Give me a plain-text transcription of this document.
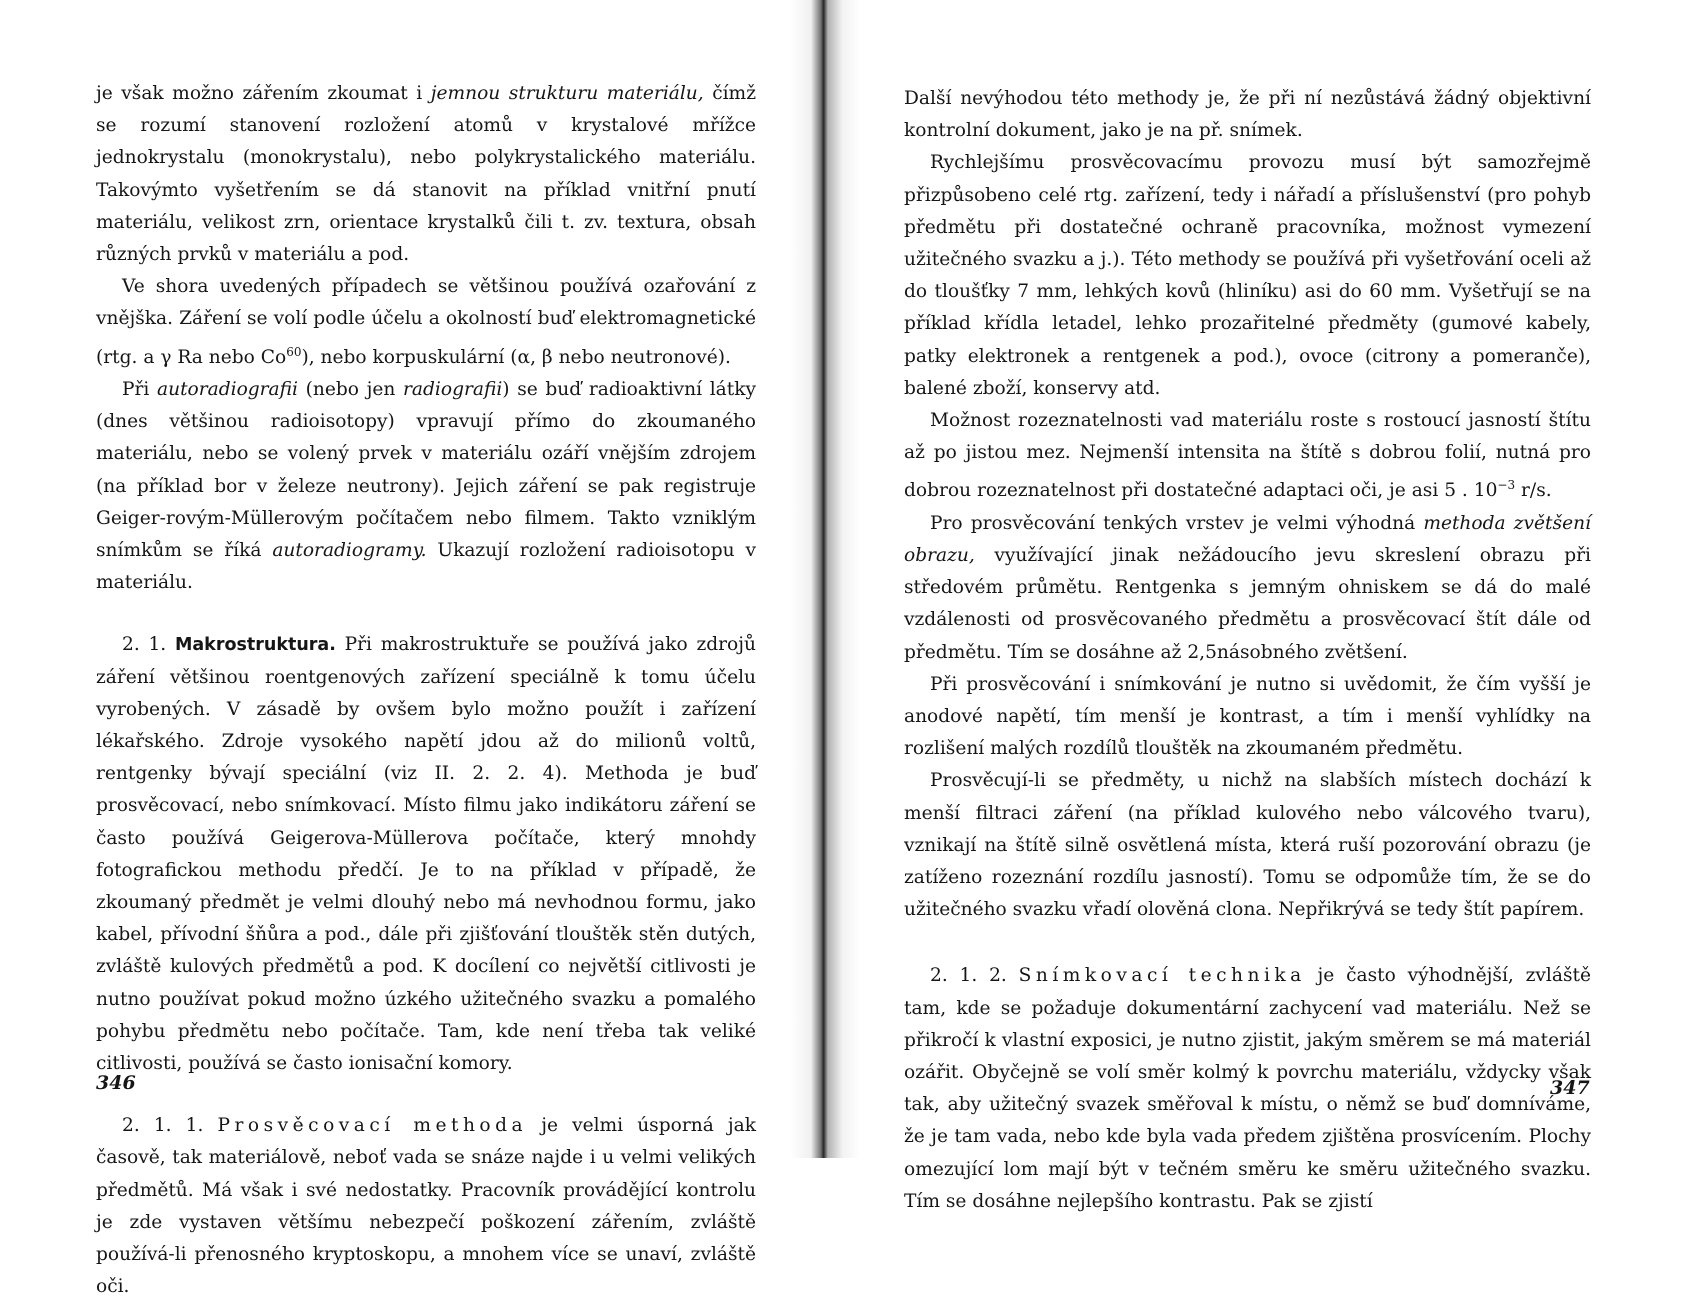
je však možno zářením zkoumat i jemnou strukturu materiálu, čímž se rozumí stanovení rozložení atomů v krystalové mřížce jednokrystalu (monokrystalu), nebo polykrystalického materiálu. Takovýmto vyšetřením se dá stanovit na příklad vnitřní pnutí materiálu, velikost zrn, orientace krystalků čili t. zv. textura, obsah různých prvků v materiálu a pod.

Ve shora uvedených případech se většinou používá ozařování z vnějška. Záření se volí podle účelu a okolností buď elektromagnetické (rtg. a γ Ra nebo Co$^{60}$), nebo korpuskulární (α, β nebo neutronové).

Při autoradiografii (nebo jen radiografii) se buď radioaktivní látky (dnes většinou radioisotopy) vpravují přímo do zkoumaného materiálu, nebo se volený prvek v materiálu ozáří vnějším zdrojem (na příklad bor v železe neutrony). Jejich záření se pak registruje Geiger-rovým-Müllerovým počítačem nebo filmem. Takto vzniklým snímkům se říká autoradiogramy. Ukazují rozložení radioisotopu v materiálu.

2. 1. Makrostruktura. Při makrostruktuře se používá jako zdrojů záření většinou roentgenových zařízení speciálně k tomu účelu vyrobených. V zásadě by ovšem bylo možno použít i zařízení lékařského. Zdroje vysokého napětí jdou až do milionů voltů, rentgenky bývají speciální (viz II. 2. 2. 4). Methoda je buď prosvěcovací, nebo snímkovací. Místo filmu jako indikátoru záření se často používá Geigerova-Müllerova počítače, který mnohdy fotografickou methodu předčí. Je to na příklad v případě, že zkoumaný předmět je velmi dlouhý nebo má nevhodnou formu, jako kabel, přívodní šňůra a pod., dále při zjišťování tlouštěk stěn dutých, zvláště kulových předmětů a pod. K docílení co největší citlivosti je nutno používat pokud možno úzkého užitečného svazku a pomalého pohybu předmětu nebo počítače. Tam, kde není třeba tak veliké citlivosti, používá se často ionisační komory.

2. 1. 1. Prosvěcovací methoda je velmi úsporná jak časově, tak materiálově, neboť vada se snáze najde i u velmi velikých předmětů. Má však i své nedostatky. Pracovník provádějící kontrolu je zde vystaven většímu nebezpečí poškození zářením, zvláště používá-li přenosného kryptoskopu, a mnohem více se unaví, zvláště oči.

346

Další nevýhodou této methody je, že při ní nezůstává žádný objektivní kontrolní dokument, jako je na př. snímek.

Rychlejšímu prosvěcovacímu provozu musí být samozřejmě přizpůsobeno celé rtg. zařízení, tedy i nářadí a příslušenství (pro pohyb předmětu při dostatečné ochraně pracovníka, možnost vymezení užitečného svazku a j.). Této methody se používá při vyšetřování oceli až do tloušťky 7 mm, lehkých kovů (hliníku) asi do 60 mm. Vyšetřují se na příklad křídla letadel, lehko prozařitelné předměty (gumové kabely, patky elektronek a rentgenek a pod.), ovoce (citrony a pomeranče), balené zboží, konservy atd.

Možnost rozeznatelnosti vad materiálu roste s rostoucí jasností štítu až po jistou mez. Nejmenší intensita na štítě s dobrou folií, nutná pro dobrou rozeznatelnost při dostatečné adaptaci oči, je asi 5 . $10^{-3}$ r/s.

Pro prosvěcování tenkých vrstev je velmi výhodná methoda zvětšení obrazu, využívající jinak nežádoucího jevu skreslení obrazu při středovém průmětu. Rentgenka s jemným ohniskem se dá do malé vzdálenosti od prosvěcovaného předmětu a prosvěcovací štít dále od předmětu. Tím se dosáhne až 2,5násobného zvětšení.

Při prosvěcování i snímkování je nutno si uvědomit, že čím vyšší je anodové napětí, tím menší je kontrast, a tím i menší vyhlídky na rozlišení malých rozdílů tlouštěk na zkoumaném předmětu.

Prosvěcují-li se předměty, u nichž na slabších místech dochází k menší filtraci záření (na příklad kulového nebo válcového tvaru), vznikají na štítě silně osvětlená místa, která ruší pozorování obrazu (je zatíženo rozeznání rozdílu jasností). Tomu se odpomůže tím, že se do užitečného svazku vřadí olověná clona. Nepřikrývá se tedy štít papírem.

2. 1. 2. Snímkovací technika je často výhodnější, zvláště tam, kde se požaduje dokumentární zachycení vad materiálu. Než se přikročí k vlastní exposici, je nutno zjistit, jakým směrem se má materiál ozářit. Obyčejně se volí směr kolmý k povrchu materiálu, vždycky však tak, aby užitečný svazek směřoval k místu, o němž se buď domníváme, že je tam vada, nebo kde byla vada předem zjištěna prosvícením. Plochy omezující lom mají být v tečném směru ke směru užitečného svazku. Tím se dosáhne nejlepšího kontrastu. Pak se zjistí

347
